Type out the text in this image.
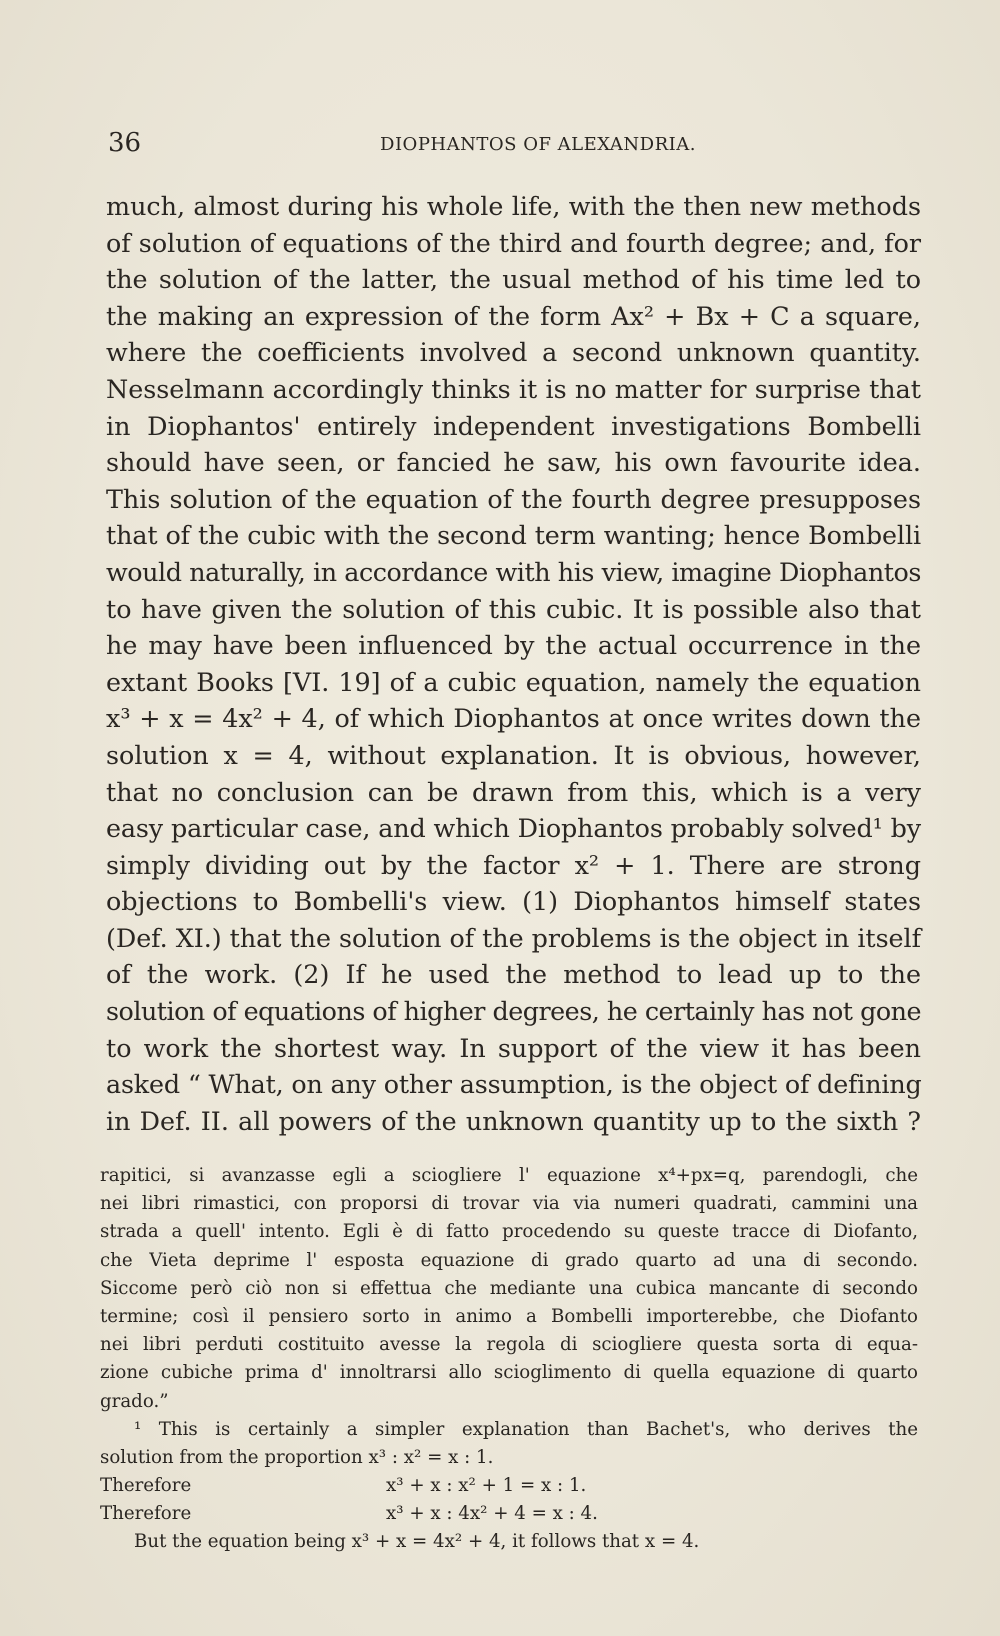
36	DIOPHANTOS OF ALEXANDRIA.
much, almost during his whole life, with the then new methods
of solution of equations of the third and fourth degree; and, for
the solution of the latter, the usual method of his time led to
the making an expression of the form Ax² + Bx + C a square,
where the coefficients involved a second unknown quantity.
Nesselmann accordingly thinks it is no matter for surprise that
in Diophantos' entirely independent investigations Bombelli
should have seen, or fancied he saw, his own favourite idea.
This solution of the equation of the fourth degree presupposes
that of the cubic with the second term wanting; hence Bombelli
would naturally, in accordance with his view, imagine Diophantos
to have given the solution of this cubic. It is possible also that
he may have been influenced by the actual occurrence in the
extant Books [VI. 19] of a cubic equation, namely the equation
x³ + x = 4x² + 4, of which Diophantos at once writes down the
solution x = 4, without explanation. It is obvious, however,
that no conclusion can be drawn from this, which is a very
easy particular case, and which Diophantos probably solved¹ by
simply dividing out by the factor x² + 1. There are strong
objections to Bombelli's view. (1) Diophantos himself states
(Def. XI.) that the solution of the problems is the object in itself
of the work. (2) If he used the method to lead up to the
solution of equations of higher degrees, he certainly has not gone
to work the shortest way. In support of the view it has been
asked “ What, on any other assumption, is the object of defining
in Def. II. all powers of the unknown quantity up to the sixth ?
rapitici, si avanzasse egli a sciogliere l' equazione x⁴+px=q, parendogli, che
nei libri rimastici, con proporsi di trovar via via numeri quadrati, cammini una
strada a quell' intento. Egli è di fatto procedendo su queste tracce di Diofanto,
che Vieta deprime l' esposta equazione di grado quarto ad una di secondo.
Siccome però ciò non si effettua che mediante una cubica mancante di secondo
termine; così il pensiero sorto in animo a Bombelli importerebbe, che Diofanto
nei libri perduti costituito avesse la regola di sciogliere questa sorta di equa-
zione cubiche prima d' innoltrarsi allo scioglimento di quella equazione di quarto
grado.”
¹ This is certainly a simpler explanation than Bachet's, who derives the
solution from the proportion x³ : x² = x : 1.
Therefore	x³ + x : x² + 1 = x : 1.
Therefore	x³ + x : 4x² + 4 = x : 4.
But the equation being x³ + x = 4x² + 4, it follows that x = 4.
